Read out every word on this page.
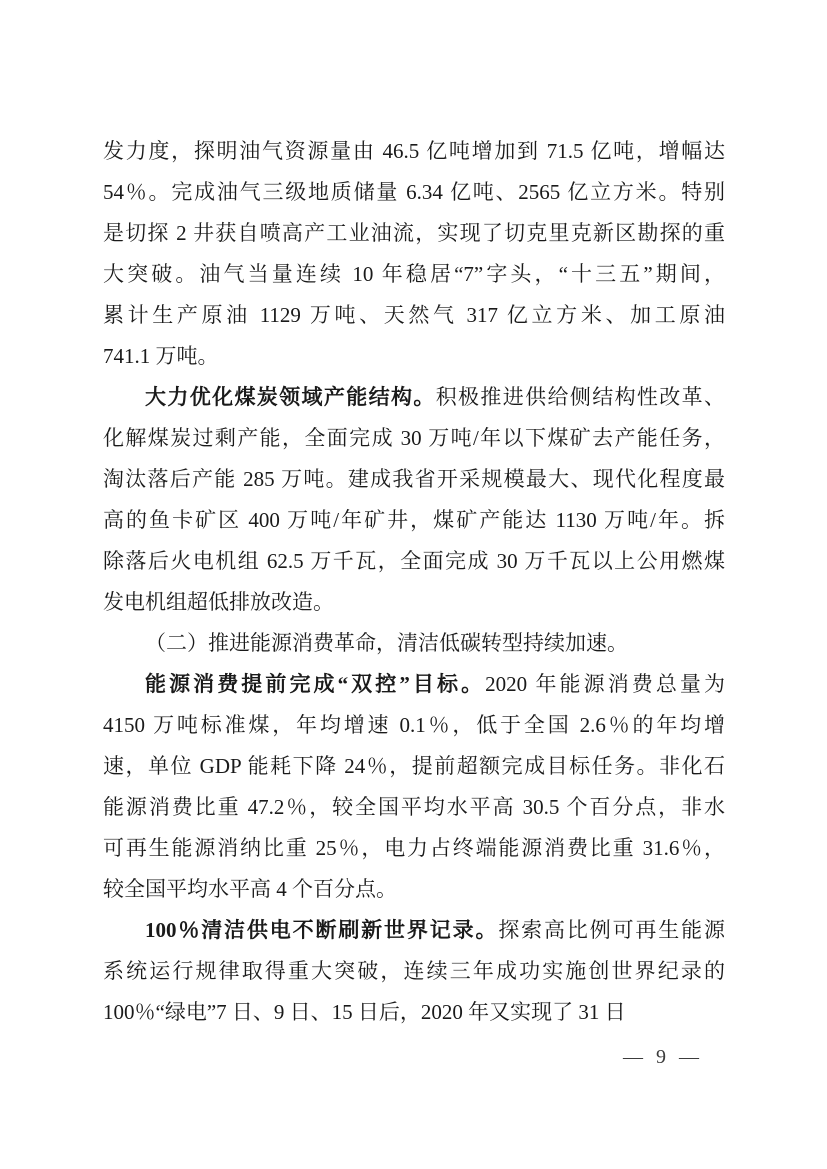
发力度，探明油气资源量由 46.5 亿吨增加到 71.5 亿吨，增幅达
54％。完成油气三级地质储量 6.34 亿吨、2565 亿立方米。特别
是切探 2 井获自喷高产工业油流，实现了切克里克新区勘探的重
大突破。油气当量连续 10 年稳居“7”字头，“十三五”期间，
累计生产原油 1129 万吨、天然气 317 亿立方米、加工原油
741.1 万吨。
大力优化煤炭领域产能结构。积极推进供给侧结构性改革、
化解煤炭过剩产能，全面完成 30 万吨/年以下煤矿去产能任务，
淘汰落后产能 285 万吨。建成我省开采规模最大、现代化程度最
高的鱼卡矿区 400 万吨/年矿井，煤矿产能达 1130 万吨/年。拆
除落后火电机组 62.5 万千瓦，全面完成 30 万千瓦以上公用燃煤
发电机组超低排放改造。
（二）推进能源消费革命，清洁低碳转型持续加速。
能源消费提前完成“双控”目标。2020 年能源消费总量为
4150 万吨标准煤，年均增速 0.1％，低于全国 2.6％的年均增
速，单位 GDP 能耗下降 24％，提前超额完成目标任务。非化石
能源消费比重 47.2％，较全国平均水平高 30.5 个百分点，非水
可再生能源消纳比重 25％，电力占终端能源消费比重 31.6％，
较全国平均水平高 4 个百分点。
100％清洁供电不断刷新世界记录。探索高比例可再生能源
系统运行规律取得重大突破，连续三年成功实施创世界纪录的
100％“绿电”7 日、9 日、15 日后，2020 年又实现了 31 日
— 9 —
